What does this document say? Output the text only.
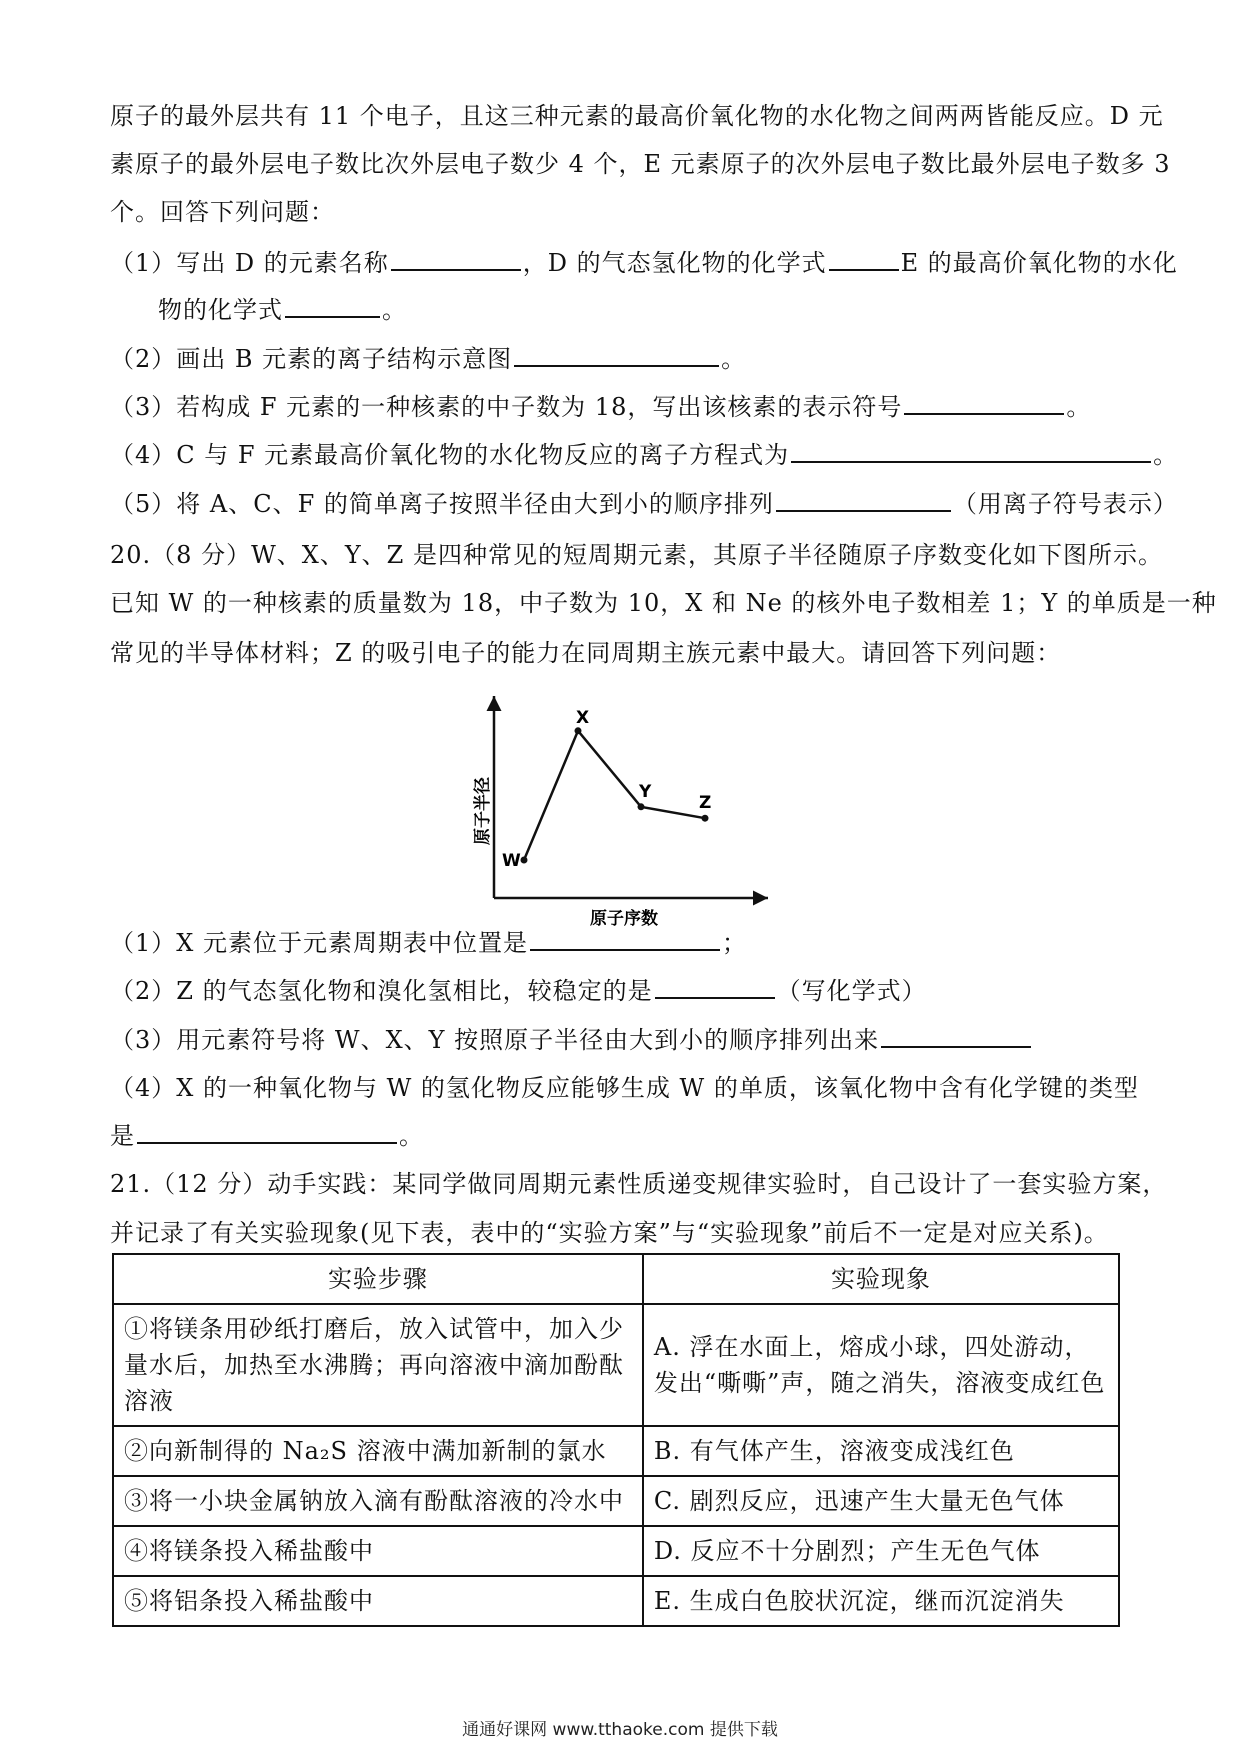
原子的最外层共有 11 个电子，且这三种元素的最高价氧化物的水化物之间两两皆能反应。D 元
素原子的最外层电子数比次外层电子数少 4 个，E 元素原子的次外层电子数比最外层电子数多 3
个。回答下列问题：
（1）写出 D 的元素名称	，D 的气态氢化物的化学式	E 的最高价氧化物的水化
物的化学式	。
（2）画出 B 元素的离子结构示意图	。
（3）若构成 F 元素的一种核素的中子数为 18，写出该核素的表示符号	。
（4）C 与 F 元素最高价氧化物的水化物反应的离子方程式为	。
（5）将 A、C、F 的简单离子按照半径由大到小的顺序排列	（用离子符号表示）
20.（8 分）W、X、Y、Z 是四种常见的短周期元素，其原子半径随原子序数变化如下图所示。
已知 W 的一种核素的质量数为 18，中子数为 10，X 和 Ne 的核外电子数相差 1；Y 的单质是一种
常见的半导体材料；Z 的吸引电子的能力在同周期主族元素中最大。请回答下列问题：
原子半径
原子序数
W
X
Y
Z
（1）X 元素位于元素周期表中位置是	；
（2）Z 的气态氢化物和溴化氢相比，较稳定的是	（写化学式）
（3）用元素符号将 W、X、Y 按照原子半径由大到小的顺序排列出来
（4）X 的一种氧化物与 W 的氢化物反应能够生成 W 的单质，该氧化物中含有化学键的类型
是	。
21.（12 分）动手实践：某同学做同周期元素性质递变规律实验时，自己设计了一套实验方案，
并记录了有关实验现象(见下表，表中的“实验方案”与“实验现象”前后不一定是对应关系)。
实验步骤	实验现象
①将镁条用砂纸打磨后，放入试管中，加入少量水后，加热至水沸腾；再向溶液中滴加酚酞溶液	A. 浮在水面上，熔成小球，四处游动，发出“嘶嘶”声，随之消失，溶液变成红色
②向新制得的 Na₂S 溶液中满加新制的氯水	B. 有气体产生，溶液变成浅红色
③将一小块金属钠放入滴有酚酞溶液的冷水中	C. 剧烈反应，迅速产生大量无色气体
④将镁条投入稀盐酸中	D. 反应不十分剧烈；产生无色气体
⑤将铝条投入稀盐酸中	E. 生成白色胶状沉淀，继而沉淀消失
通通好课网 www.tthaoke.com 提供下载
